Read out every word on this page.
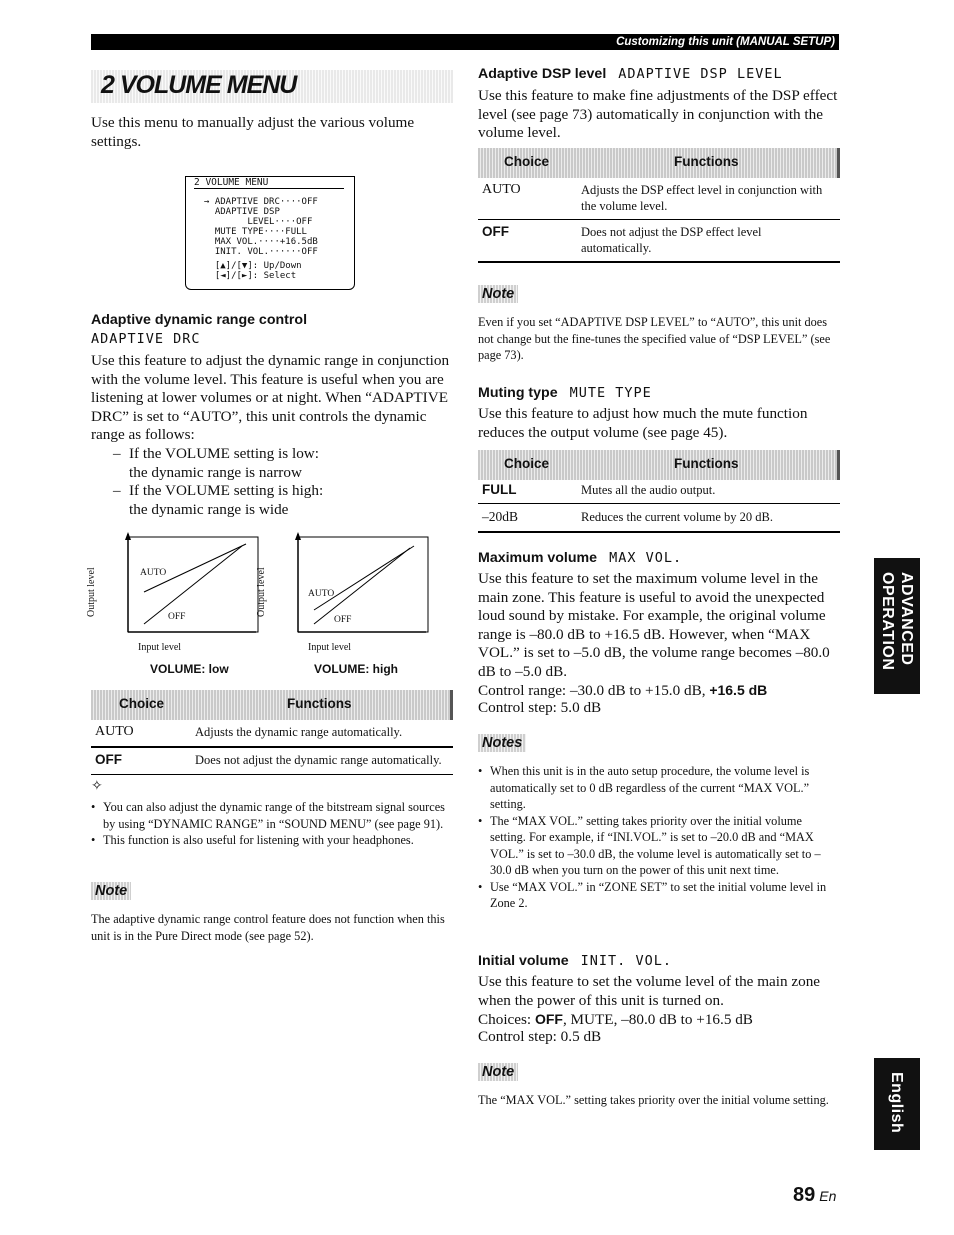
Customizing this unit (MANUAL SETUP)
2 VOLUME MENU

Use this menu to manually adjust the various volume settings.

2 VOLUME MENU
→ ADAPTIVE DRC····OFF
ADAPTIVE DSP
LEVEL····OFF
MUTE TYPE····FULL
MAX VOL.····+16.5dB
INIT. VOL.······OFF
[▲]/[▼]: Up/Down
[◄]/[►]: Select
Adaptive dynamic range control
ADAPTIVE DRC

Use this feature to adjust the dynamic range in conjunction with the volume level. This feature is useful when you are listening at lower volumes or at night. When “ADAPTIVE DRC” is set to “AUTO”, this unit controls the dynamic range as follows:

– If the VOLUME setting is low:
the dynamic range is narrow
– If the VOLUME setting is high:
the dynamic range is wide
AUTO
OFF
Output level
Input level
VOLUME: low
AUTO
OFF
Output level
Input level
VOLUME: high
Choice	Functions
AUTO	Adjusts the dynamic range automatically.
OFF	Does not adjust the dynamic range automatically.
✧
• You can also adjust the dynamic range of the bitstream signal sources by using “DYNAMIC RANGE” in “SOUND MENU” (see page 91).
• This function is also useful for listening with your headphones.
Note

The adaptive dynamic range control feature does not function when this unit is in the Pure Direct mode (see page 52).

Adaptive DSP level ADAPTIVE DSP LEVEL

Use this feature to make fine adjustments of the DSP effect level (see page 73) automatically in conjunction with the volume level.

Choice	Functions
AUTO	Adjusts the DSP effect level in conjunction with the volume level.
OFF	Does not adjust the DSP effect level automatically.
Note

Even if you set “ADAPTIVE DSP LEVEL” to “AUTO”, this unit does not change but the fine-tunes the specified value of “DSP LEVEL” (see page 73).

Muting type MUTE TYPE

Use this feature to adjust how much the mute function reduces the output volume (see page 45).

Choice	Functions
FULL	Mutes all the audio output.
–20dB	Reduces the current volume by 20 dB.
Maximum volume MAX VOL.

Use this feature to set the maximum volume level in the main zone. This feature is useful to avoid the unexpected loud sound by mistake. For example, the original volume range is –80.0 dB to +16.5 dB. However, when “MAX VOL.” is set to –5.0 dB, the volume range becomes –80.0 dB to –5.0 dB.

Control range: –30.0 dB to +15.0 dB, +16.5 dB
Control step: 5.0 dB
Notes
• When this unit is in the auto setup procedure, the volume level is automatically set to 0 dB regardless of the current “MAX VOL.” setting.
• The “MAX VOL.” setting takes priority over the initial volume setting. For example, if “INI.VOL.” is set to –20.0 dB and “MAX VOL.” is set to –30.0 dB, the volume level is automatically set to –30.0 dB when you turn on the power of this unit next time.
• Use “MAX VOL.” in “ZONE SET” to set the initial volume level in Zone 2.
Initial volume INIT. VOL.

Use this feature to set the volume level of the main zone when the power of this unit is turned on.

Choices: OFF, MUTE, –80.0 dB to +16.5 dB
Control step: 0.5 dB
Note

The “MAX VOL.” setting takes priority over the initial volume setting.

ADVANCED
OPERATION
English
89 En
